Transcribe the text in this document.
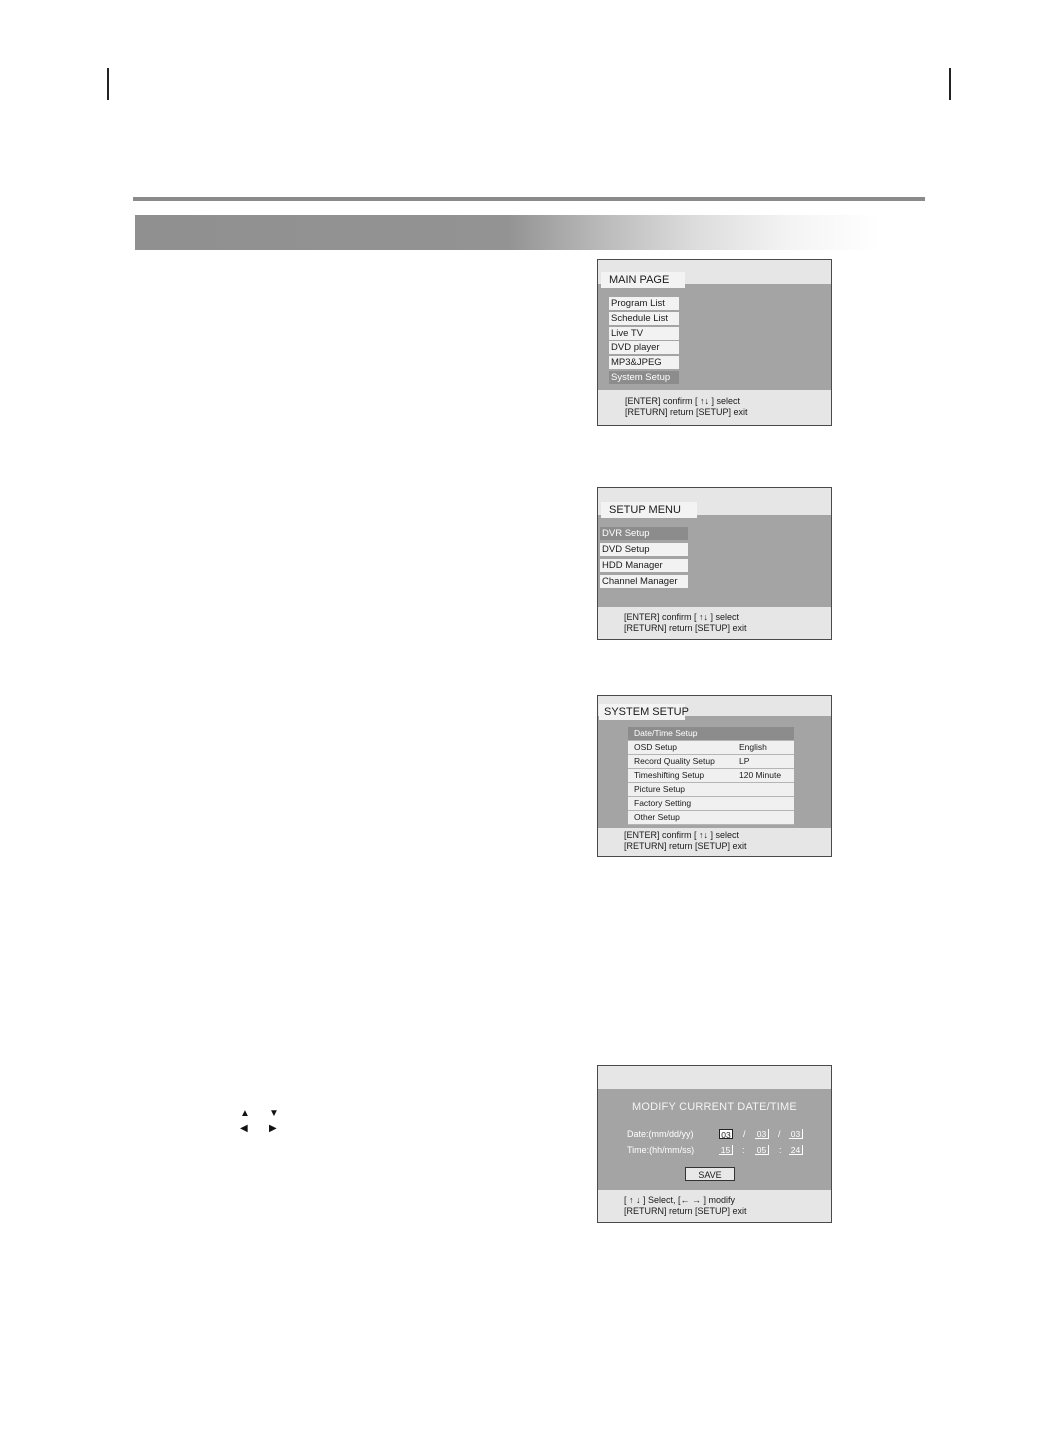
MAIN PAGE
Program List
Schedule List
Live TV
DVD player
MP3&JPEG
System Setup
[ENTER] confirm [ ↑↓ ] select
[RETURN] return [SETUP] exit
SETUP MENU
DVR Setup
DVD Setup
HDD Manager
Channel Manager
[ENTER] confirm [ ↑↓ ] select
[RETURN] return [SETUP] exit
SYSTEM SETUP
Date/Time Setup
OSD Setup	English
Record Quality Setup	LP
Timeshifting Setup	120 Minute
Picture Setup
Factory Setting
Other Setup
[ENTER] confirm [ ↑↓ ] select
[RETURN] return [SETUP] exit
▲ ▼
◀ ▶
MODIFY CURRENT DATE/TIME
Date:(mm/dd/yy)	03 / 03	/ 03
Time:(hh/mm/ss)	15	: 05	: 24
SAVE
[ ↑ ↓ ] Select, [← → ] modify
[RETURN] return [SETUP] exit
